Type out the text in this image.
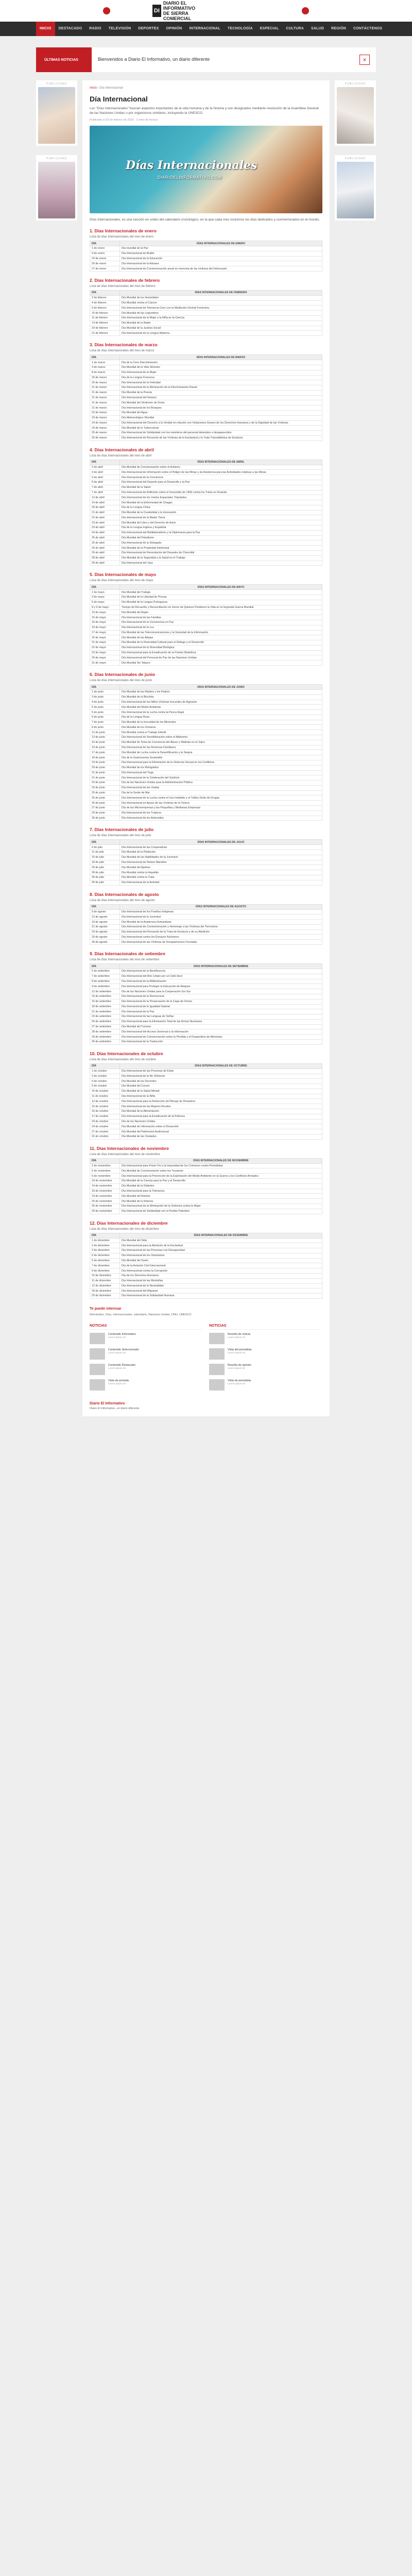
DI
DIARIO EL INFORMATIVO
DE SIERRA COMERCIAL
INICIO	DESTACADO	RADIO	TELEVISIÓN	DEPORTES	OPINIÓN	INTERNACIONAL	TECNOLOGÍA	ESPECIAL	CULTURA	SALUD	REGIÓN	CONTÁCTENOS
ÚLTIMAS NOTICIAS	Bienvenidos a Diario El Informativo, un diario diferente	×
PUBLICIDAD
PUBLICIDAD
PUBLICIDAD
PUBLICIDAD
Inicio › Día Internacional
Día Internacional
Los "Días Internacionales" buscan aspectos importantes de la vida humana y de la historia y son designados mediante resolución de la Asamblea General de las Naciones Unidas o por organismos similares, incluyendo la UNESCO.
Publicado el 20 de febrero de 2019 · 2 mins de lectura
Días Internacionales
DIARIOELINFORMATIVO.COM
Días Internacionales, es una sección en orden del calendario cronológico, en la que cada mes incluimos los días dedicados y conmemorados en el mundo.
1. Días Internacionales de enero
Lista de días internacionales del mes de enero
DÍA	DÍAS INTERNACIONALES DE ENERO
1 de enero	Día mundial de la Paz
4 de enero	Día Internacional de Braille
24 de enero	Día Internacional de la Educación
26 de enero	Día Internacional de la Aduana
27 de enero	Día Internacional de Conmemoración anual en memoria de las víctimas del Holocausto
2. Días Internacionales de febrero
Lista de días internacionales del mes de febrero
DÍA	DÍAS INTERNACIONALES DE FEBRERO
2 de febrero	Día Mundial de los Humedales
4 de febrero	Día Mundial contra el Cáncer
6 de febrero	Día Internacional de Tolerancia Cero con la Mutilación Genital Femenina
10 de febrero	Día Mundial de las Legumbres
11 de febrero	Día Internacional de la Mujer y la Niña en la Ciencia
13 de febrero	Día Mundial de la Radio
20 de febrero	Día Mundial de la Justicia Social
21 de febrero	Día Internacional de la Lengua Materna
3. Días Internacionales de marzo
Lista de días internacionales del mes de marzo
DÍA	DÍAS INTERNACIONALES DE MARZO
1 de marzo	Día de la Cero Discriminación
3 de marzo	Día Mundial de la Vida Silvestre
8 de marzo	Día Internacional de la Mujer
20 de marzo	Día de la Lengua Francesa
20 de marzo	Día Internacional de la Felicidad
21 de marzo	Día Internacional de la Eliminación de la Discriminación Racial
21 de marzo	Día Mundial de la Poesía
21 de marzo	Día Internacional del Nowruz
21 de marzo	Día Mundial del Síndrome de Down
21 de marzo	Día Internacional de los Bosques
22 de marzo	Día Mundial del Agua
23 de marzo	Día Meteorológico Mundial
24 de marzo	Día Internacional del Derecho a la Verdad en relación con Violaciones Graves de los Derechos Humanos y de la Dignidad de las Víctimas
24 de marzo	Día Mundial de la Tuberculosis
25 de marzo	Día Internacional de Solidaridad con los miembros del personal detenidos o desaparecidos
25 de marzo	Día Internacional de Recuerdo de las Víctimas de la Esclavitud y la Trata Transatlántica de Esclavos
4. Días Internacionales de abril
Lista de días internacionales del mes de abril
DÍA	DÍAS INTERNACIONALES DE ABRIL
2 de abril	Día Mundial de Concienciación sobre el Autismo
4 de abril	Día Internacional de Información sobre el Peligro de las Minas y de Asistencia para las Actividades relativas a las Minas
5 de abril	Día Internacional de la Conciencia
6 de abril	Día Internacional del Deporte para el Desarrollo y la Paz
7 de abril	Día Mundial de la Salud
7 de abril	Día Internacional de Reflexión sobre el Genocidio de 1994 contra los Tutsis en Ruanda
12 de abril	Día Internacional de los Vuelos Espaciales Tripulados
14 de abril	Día Mundial de la Enfermedad de Chagas
20 de abril	Día de la Lengua China
21 de abril	Día Mundial de la Creatividad y la Innovación
22 de abril	Día Internacional de la Madre Tierra
23 de abril	Día Mundial del Libro y del Derecho de Autor
23 de abril	Día de la Lengua Inglesa y Española
24 de abril	Día Internacional del Multilateralismo y la Diplomacia para la Paz
25 de abril	Día Mundial del Paludismo
25 de abril	Día Internacional de la Delegada
26 de abril	Día Mundial de la Propiedad Intelectual
26 de abril	Día Internacional de Recordación del Desastre de Chernóbil
28 de abril	Día Mundial de la Seguridad y la Salud en el Trabajo
30 de abril	Día Internacional del Jazz
5. Días Internacionales de mayo
Lista de días internacionales del mes de mayo
DÍA	DÍAS INTERNACIONALES DE MAYO
1 de mayo	Día Mundial del Trabajo
3 de mayo	Día Mundial de la Libertad de Prensa
5 de mayo	Día Mundial de la Lengua Portuguesa
8 y 9 de mayo	Tiempo de Recuerdo y Reconciliación en Honor de Quienes Perdieron la Vida en la Segunda Guerra Mundial
10 de mayo	Día Mundial del Argán
15 de mayo	Día Internacional de las Familias
16 de mayo	Día Internacional de la Convivencia en Paz
16 de mayo	Día Internacional de la Luz
17 de mayo	Día Mundial de las Telecomunicaciones y la Sociedad de la Información
20 de mayo	Día Mundial de las Abejas
21 de mayo	Día Mundial de la Diversidad Cultural para el Diálogo y el Desarrollo
22 de mayo	Día Internacional de la Diversidad Biológica
23 de mayo	Día Internacional para la Erradicación de la Fístula Obstétrica
29 de mayo	Día Internacional del Personal de Paz de las Naciones Unidas
31 de mayo	Día Mundial Sin Tabaco
6. Días Internacionales de junio
Lista de días internacionales del mes de junio
DÍA	DÍAS INTERNACIONALES DE JUNIO
1 de junio	Día Mundial de las Madres y los Padres
3 de junio	Día Mundial de la Bicicleta
4 de junio	Día Internacional de los Niños Víctimas Inocentes de Agresión
5 de junio	Día Mundial del Medio Ambiente
5 de junio	Día Internacional de la Lucha contra la Pesca Ilegal
6 de junio	Día de la Lengua Rusa
7 de junio	Día Mundial de la Inocuidad de los Alimentos
8 de junio	Día Mundial de los Océanos
12 de junio	Día Mundial contra el Trabajo Infantil
13 de junio	Día Internacional de Sensibilización sobre el Albinismo
15 de junio	Día Mundial de Toma de Conciencia del Abuso y Maltrato en la Vejez
16 de junio	Día Internacional de las Remesas Familiares
17 de junio	Día Mundial de Lucha contra la Desertificación y la Sequía
18 de junio	Día de la Gastronomía Sostenible
19 de junio	Día Internacional para la Eliminación de la Violencia Sexual en los Conflictos
20 de junio	Día Mundial de los Refugiados
21 de junio	Día Internacional del Yoga
21 de junio	Día Internacional de la Celebración del Solsticio
23 de junio	Día de las Naciones Unidas para la Administración Pública
23 de junio	Día Internacional de las Viudas
25 de junio	Día de la Gente de Mar
26 de junio	Día Internacional de la Lucha contra el Uso Indebido y el Tráfico Ilícito de Drogas
26 de junio	Día Internacional en Apoyo de las Víctimas de la Tortura
27 de junio	Día de las Microempresas y las Pequeñas y Medianas Empresas
29 de junio	Día Internacional de los Trópicos
30 de junio	Día Internacional de los Asteroides
7. Días Internacionales de julio
Lista de días internacionales del mes de julio
DÍA	DÍAS INTERNACIONALES DE JULIO
6 de julio	Día Internacional de las Cooperativas
11 de julio	Día Mundial de la Población
15 de julio	Día Mundial de las Habilidades de la Juventud
18 de julio	Día Internacional de Nelson Mandela
20 de julio	Día Mundial del Ajedrez
28 de julio	Día Mundial contra la Hepatitis
30 de julio	Día Mundial contra la Trata
30 de julio	Día Internacional de la Amistad
8. Días Internacionales de agosto
Lista de días internacionales del mes de agosto
DÍA	DÍAS INTERNACIONALES DE AGOSTO
9 de agosto	Día Internacional de los Pueblos Indígenas
12 de agosto	Día Internacional de la Juventud
19 de agosto	Día Mundial de la Asistencia Humanitaria
21 de agosto	Día Internacional de Conmemoración y Homenaje a las Víctimas del Terrorismo
23 de agosto	Día Internacional del Recuerdo de la Trata de Esclavos y de su Abolición
29 de agosto	Día Internacional contra los Ensayos Nucleares
30 de agosto	Día Internacional de las Víctimas de Desapariciones Forzadas
9. Días Internacionales de setiembre
Lista de días internacionales del mes de setiembre
DÍA	DÍAS INTERNACIONALES DE SETIEMBRE
5 de setiembre	Día Internacional de la Beneficencia
7 de setiembre	Día Internacional del Aire Limpio por un Cielo Azul
8 de setiembre	Día Internacional de la Alfabetización
9 de setiembre	Día Internacional para Proteger la Educación de Ataques
12 de setiembre	Día de las Naciones Unidas para la Cooperación Sur-Sur
15 de setiembre	Día Internacional de la Democracia
16 de setiembre	Día Internacional de la Preservación de la Capa de Ozono
18 de setiembre	Día Internacional de la Igualdad Salarial
21 de setiembre	Día Internacional de la Paz
23 de setiembre	Día Internacional de las Lenguas de Señas
26 de setiembre	Día Internacional para la Eliminación Total de las Armas Nucleares
27 de setiembre	Día Mundial del Turismo
28 de setiembre	Día Internacional del Acceso Universal a la Información
29 de setiembre	Día Internacional de Concienciación sobre la Pérdida y el Desperdicio de Alimentos
30 de setiembre	Día Internacional de la Traducción
10. Días Internacionales de octubre
Lista de días internacionales del mes de octubre
DÍA	DÍAS INTERNACIONALES DE OCTUBRE
1 de octubre	Día Internacional de las Personas de Edad
2 de octubre	Día Internacional de la No Violencia
5 de octubre	Día Mundial de los Docentes
9 de octubre	Día Mundial del Correo
10 de octubre	Día Mundial de la Salud Mental
11 de octubre	Día Internacional de la Niña
13 de octubre	Día Internacional para la Reducción del Riesgo de Desastres
15 de octubre	Día Internacional de las Mujeres Rurales
16 de octubre	Día Mundial de la Alimentación
17 de octubre	Día Internacional para la Erradicación de la Pobreza
24 de octubre	Día de las Naciones Unidas
24 de octubre	Día Mundial de Información sobre el Desarrollo
27 de octubre	Día Mundial del Patrimonio Audiovisual
31 de octubre	Día Mundial de las Ciudades
11. Días Internacionales de noviembre
Lista de días internacionales del mes de noviembre
DÍA	DÍAS INTERNACIONALES DE NOVIEMBRE
2 de noviembre	Día Internacional para Poner Fin a la Impunidad de los Crímenes contra Periodistas
5 de noviembre	Día Mundial de Concienciación sobre los Tsunamis
6 de noviembre	Día Internacional para la Prevención de la Explotación del Medio Ambiente en la Guerra y los Conflictos Armados
10 de noviembre	Día Mundial de la Ciencia para la Paz y el Desarrollo
14 de noviembre	Día Mundial de la Diabetes
16 de noviembre	Día Internacional para la Tolerancia
19 de noviembre	Día Mundial del Retrete
20 de noviembre	Día Mundial de la Infancia
25 de noviembre	Día Internacional de la Eliminación de la Violencia contra la Mujer
29 de noviembre	Día Internacional de Solidaridad con el Pueblo Palestino
12. Días Internacionales de diciembre
Lista de días internacionales del mes de diciembre
DÍA	DÍAS INTERNACIONALES DE DICIEMBRE
1 de diciembre	Día Mundial del Sida
2 de diciembre	Día Internacional para la Abolición de la Esclavitud
3 de diciembre	Día Internacional de las Personas con Discapacidad
5 de diciembre	Día Internacional de los Voluntarios
5 de diciembre	Día Mundial del Suelo
7 de diciembre	Día de la Aviación Civil Internacional
9 de diciembre	Día Internacional contra la Corrupción
10 de diciembre	Día de los Derechos Humanos
11 de diciembre	Día Internacional de las Montañas
12 de diciembre	Día Internacional de la Neutralidad
18 de diciembre	Día Internacional del Migrante
20 de diciembre	Día Internacional de la Solidaridad Humana
Te puede interesar
Efemérides, Días, Internacionales, calendario, Naciones Unidas, ONU, UNESCO
NOTICIAS
Contenido Informativo
Lorem ipsum sit
Contenido Seleccionado
Lorem ipsum sit
Contenido Destacado
Lorem ipsum sit
Vista de portada
Lorem ipsum sit
NOTICIAS
Reseña de noticia
Lorem ipsum sit
Vista del periodista
Lorem ipsum sit
Reseña de opinión
Lorem ipsum sit
Vista de periodista
Lorem ipsum sit
Diario El Informativo
Diario El Informativo, un diario diferente
